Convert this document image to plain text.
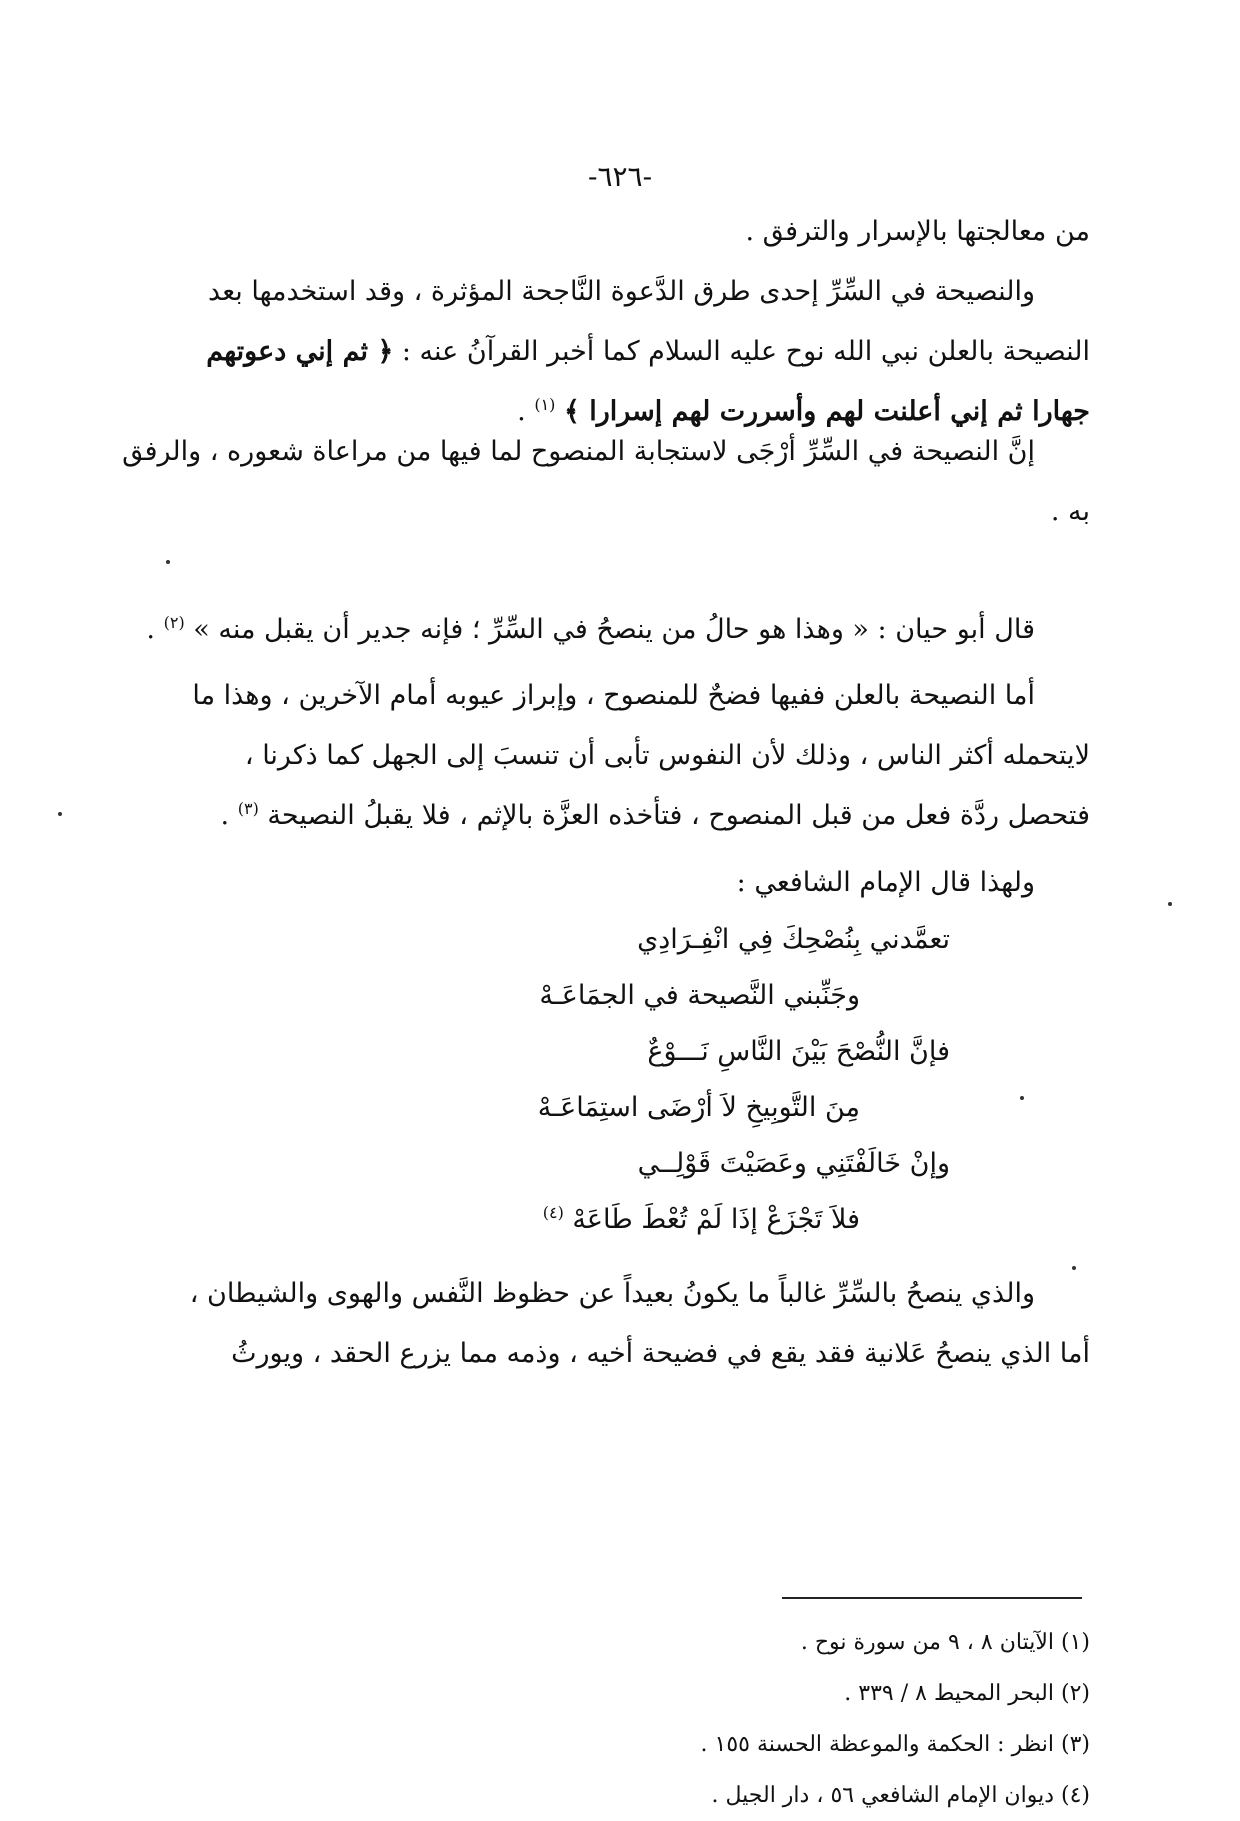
-٦٢٦-
من معالجتها بالإسرار والترفق .
والنصيحة في السِّرِّ إحدى طرق الدَّعوة النَّاجحة المؤثرة ، وقد استخدمها بعد
النصيحة بالعلن نبي الله نوح عليه السلام كما أخبر القرآنُ عنه : ﴿ ثم إني دعوتهم
جهارا ثم إني أعلنت لهم وأسررت لهم إسرارا ﴾ $^{(١)}$ .
إنَّ النصيحة في السِّرِّ أرْجَى لاستجابة المنصوح لما فيها من مراعاة شعوره ، والرفق
به .
قال أبو حيان : « وهذا هو حالُ من ينصحُ في السِّرِّ ؛ فإنه جدير أن يقبل منه » $^{(٢)}$ .
أما النصيحة بالعلن ففيها فضحٌ للمنصوح ، وإبراز عيوبه أمام الآخرين ، وهذا ما
لايتحمله أكثر الناس ، وذلك لأن النفوس تأبى أن تنسبَ إلى الجهل كما ذكرنا ،
فتحصل ردَّة فعل من قبل المنصوح ، فتأخذه العزَّة بالإثم ، فلا يقبلُ النصيحة $^{(٣)}$ .
ولهذا قال الإمام الشافعي :
تعمَّدني بِنُصْحِكَ فِي انْفِـرَادِي
وجَنِّبني النَّصيحة في الجمَاعَـهْ
فإنَّ النُّصْحَ بَيْنَ النَّاسِ نَـــوْعٌ
مِنَ التَّوبِيخِ لاَ أرْضَى استِمَاعَـهْ
وإنْ خَالَفْتَنِي وعَصَيْتَ قَوْلِــي
فلاَ تَجْزَعْ إذَا لَمْ تُعْطَ طَاعَهْ $^{(٤)}$
والذي ينصحُ بالسِّرِّ غالباً ما يكونُ بعيداً عن حظوظ النَّفس والهوى والشيطان ،
أما الذي ينصحُ عَلانية فقد يقع في فضيحة أخيه ، وذمه مما يزرع الحقد ، ويورثُ
(١) الآيتان ٨ ، ٩ من سورة نوح .
(٢) البحر المحيط ٨ / ٣٣٩ .
(٣) انظر : الحكمة والموعظة الحسنة ١٥٥ .
(٤) ديوان الإمام الشافعي ٥٦ ، دار الجيل .
